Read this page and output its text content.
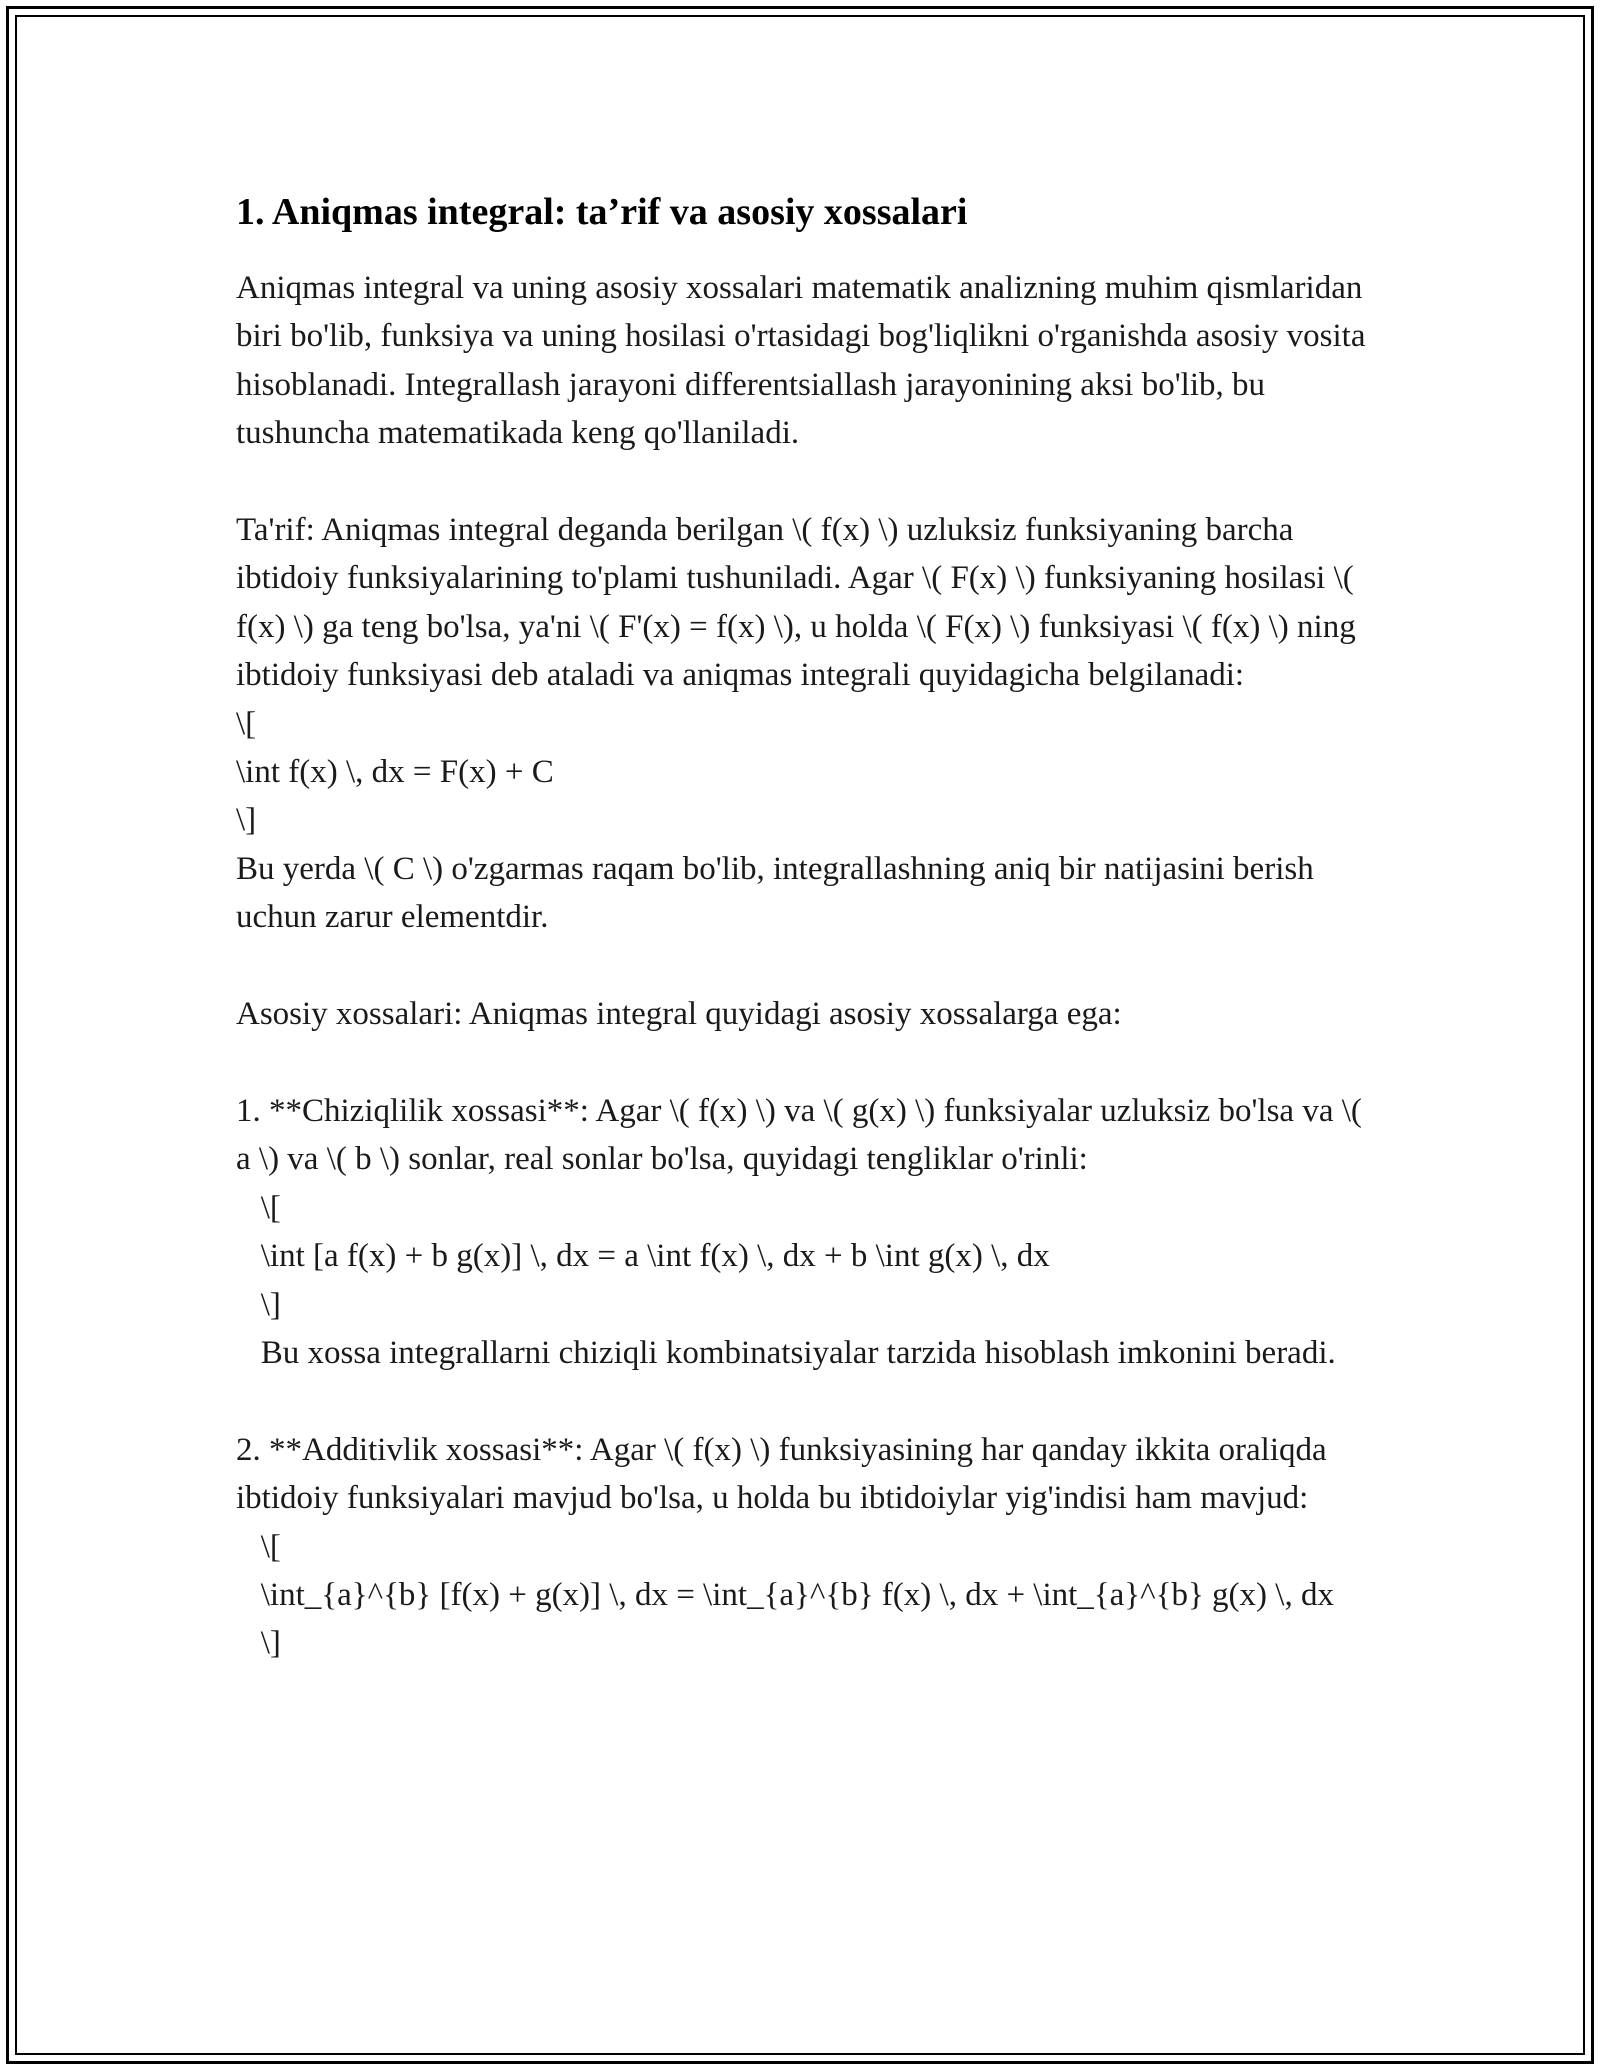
1. Aniqmas integral: ta’rif va asosiy xossalari

Aniqmas integral va uning asosiy xossalari matematik analizning muhim qismlaridan biri bo'lib, funksiya va uning hosilasi o'rtasidagi bog'liqlikni o'rganishda asosiy vosita hisoblanadi. Integrallash jarayoni differentsiallash jarayonining aksi bo'lib, bu tushuncha matematikada keng qo'llaniladi.

Ta'rif: Aniqmas integral deganda berilgan \( f(x) \) uzluksiz funksiyaning barcha ibtidoiy funksiyalarining to'plami tushuniladi. Agar \( F(x) \) funksiyaning hosilasi \( f(x) \) ga teng bo'lsa, ya'ni \( F'(x) = f(x) \), u holda \( F(x) \) funksiyasi \( f(x) \) ning ibtidoiy funksiyasi deb ataladi va aniqmas integrali quyidagicha belgilanadi:
\[
\int f(x) \, dx = F(x) + C
\]
Bu yerda \( C \) o'zgarmas raqam bo'lib, integrallashning aniq bir natijasini berish uchun zarur elementdir.

Asosiy xossalari: Aniqmas integral quyidagi asosiy xossalarga ega:

1. **Chiziqlilik xossasi**: Agar \( f(x) \) va \( g(x) \) funksiyalar uzluksiz bo'lsa va \( a \) va \( b \) sonlar, real sonlar bo'lsa, quyidagi tengliklar o'rinli:
\[
\int [a f(x) + b g(x)] \, dx = a \int f(x) \, dx + b \int g(x) \, dx
\]
Bu xossa integrallarni chiziqli kombinatsiyalar tarzida hisoblash imkonini beradi.

2. **Additivlik xossasi**: Agar \( f(x) \) funksiyasining har qanday ikkita oraliqda ibtidoiy funksiyalari mavjud bo'lsa, u holda bu ibtidoiylar yig'indisi ham mavjud:
\[
\int_{a}^{b} [f(x) + g(x)] \, dx = \int_{a}^{b} f(x) \, dx + \int_{a}^{b} g(x) \, dx
\]
